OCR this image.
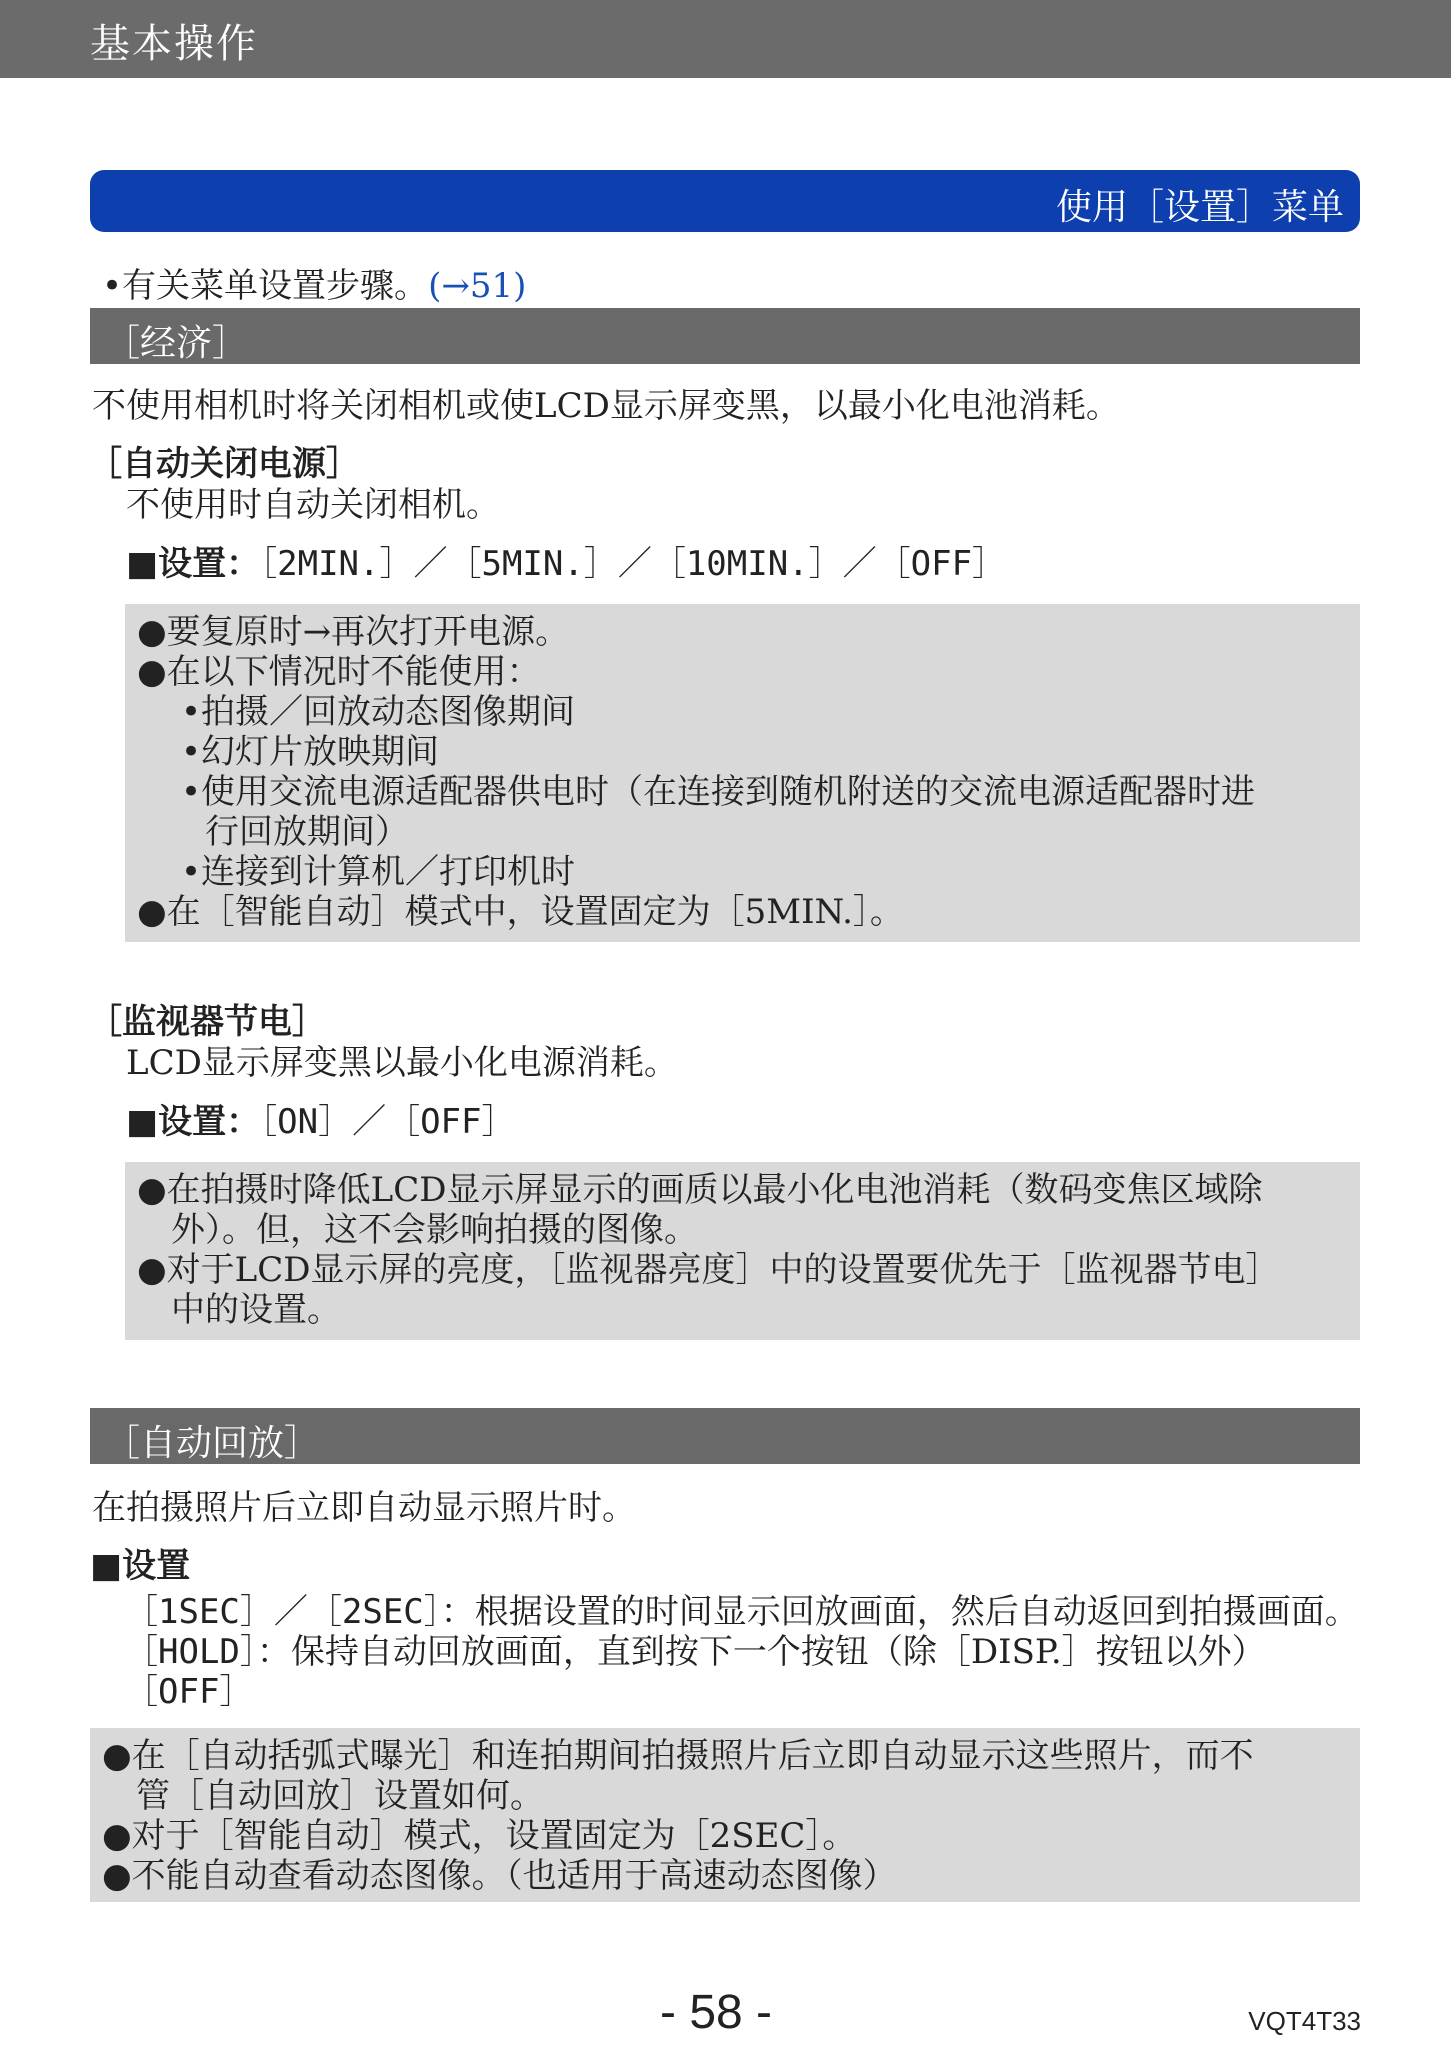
基本操作
使用［设置］菜单
•有关菜单设置步骤。(→51)
［经济］
不使用相机时将关闭相机或使LCD显示屏变黑，以最小化电池消耗。
［自动关闭电源］
不使用时自动关闭相机。
■设置：［2MIN.］／［5MIN.］／［10MIN.］／［OFF］
●要复原时→再次打开电源。
●在以下情况时不能使用：
•拍摄／回放动态图像期间
•幻灯片放映期间
•使用交流电源适配器供电时（在连接到随机附送的交流电源适配器时进
行回放期间）
•连接到计算机／打印机时
●在［智能自动］模式中，设置固定为［5MIN.］。
［监视器节电］
LCD显示屏变黑以最小化电源消耗。
■设置：［ON］／［OFF］
●在拍摄时降低LCD显示屏显示的画质以最小化电池消耗（数码变焦区域除
外）。但，这不会影响拍摄的图像。
●对于LCD显示屏的亮度，［监视器亮度］中的设置要优先于［监视器节电］
中的设置。
［自动回放］
在拍摄照片后立即自动显示照片时。
■设置
［1SEC］／［2SEC］：根据设置的时间显示回放画面，然后自动返回到拍摄画面。
［HOLD］：保持自动回放画面，直到按下一个按钮（除［DISP.］按钮以外）
［OFF］
●在［自动括弧式曝光］和连拍期间拍摄照片后立即自动显示这些照片，而不
管［自动回放］设置如何。
●对于［智能自动］模式，设置固定为［2SEC］。
●不能自动查看动态图像。（也适用于高速动态图像）
- 58 -	VQT4T33
